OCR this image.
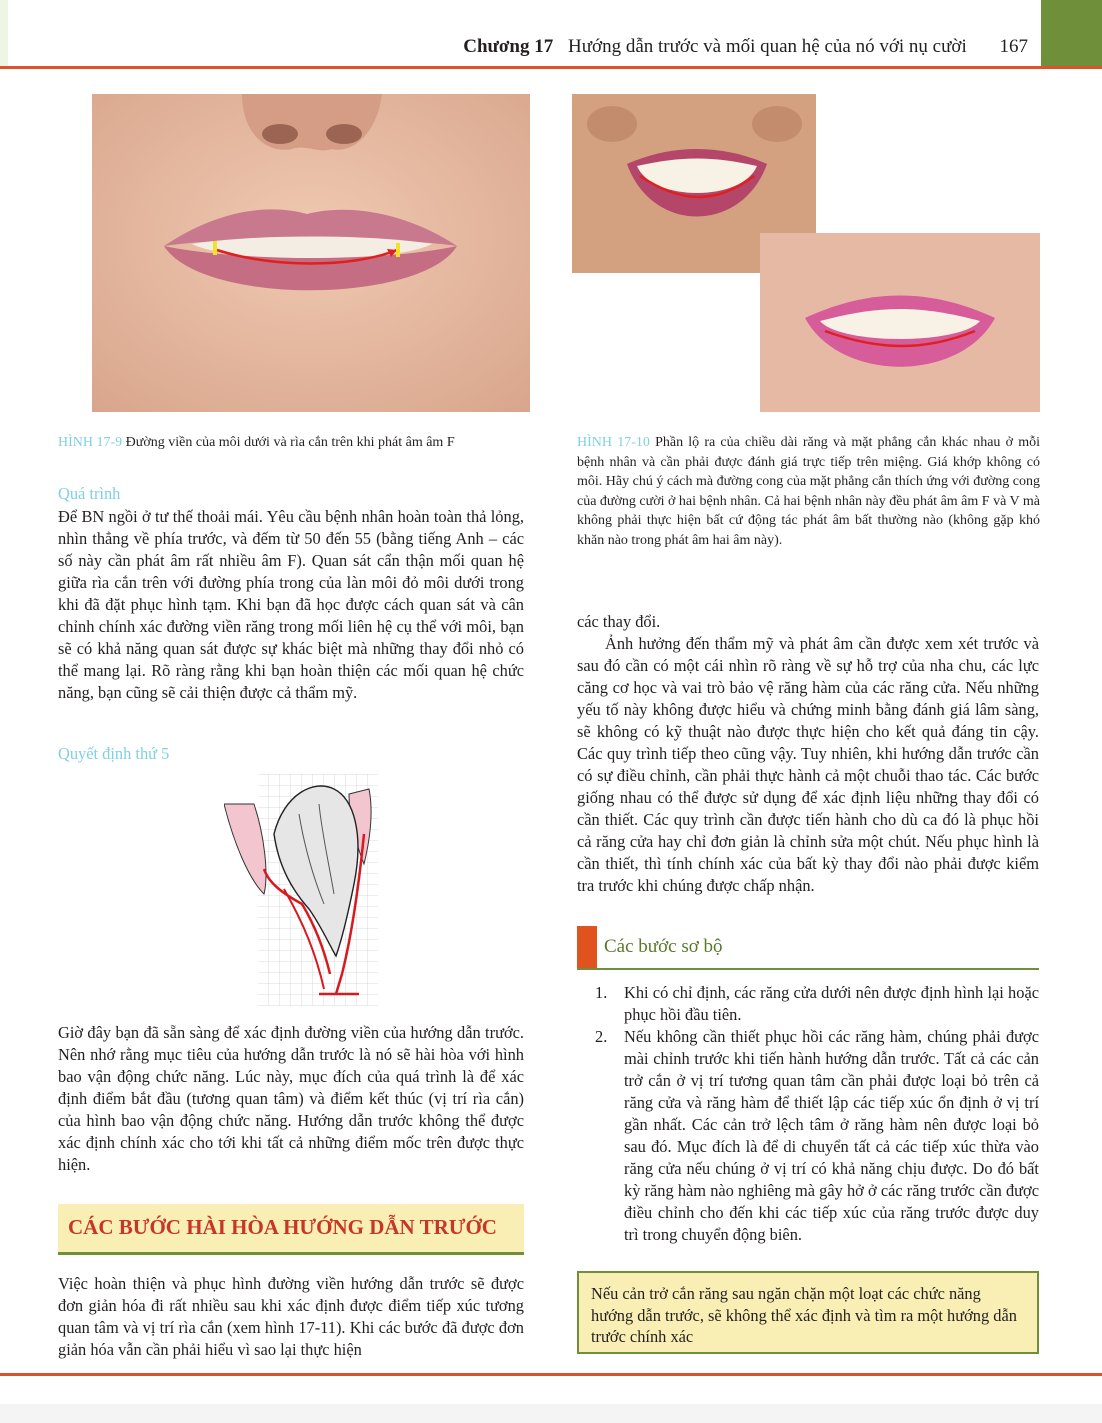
Chương 17 Hướng dẫn trước và mối quan hệ của nó với nụ cười 167
HÌNH 17-9 Đường viền của môi dưới và rìa cắn trên khi phát âm âm F	HÌNH 17-10 Phần lộ ra của chiều dài răng và mặt phẳng cắn khác nhau ở mỗi bệnh nhân và cần phải được đánh giá trực tiếp trên miệng. Giá khớp không có môi. Hãy chú ý cách mà đường cong của mặt phẳng cắn thích ứng với đường cong của đường cười ở hai bệnh nhân. Cả hai bệnh nhân này đều phát âm âm F và V mà không phải thực hiện bất cứ động tác phát âm bất thường nào (không gặp khó khăn nào trong phát âm hai âm này).
Quá trình

Để BN ngồi ở tư thế thoải mái. Yêu cầu bệnh nhân hoàn toàn thả lỏng, nhìn thẳng về phía trước, và đếm từ 50 đến 55 (bằng tiếng Anh – các số này cần phát âm rất nhiều âm F). Quan sát cẩn thận mối quan hệ giữa rìa cắn trên với đường phía trong của làn môi đỏ môi dưới trong khi đã đặt phục hình tạm. Khi bạn đã học được cách quan sát và cân chỉnh chính xác đường viền răng trong mối liên hệ cụ thể với môi, bạn sẽ có khả năng quan sát được sự khác biệt mà những thay đổi nhỏ có thể mang lại. Rõ ràng rằng khi bạn hoàn thiện các mối quan hệ chức năng, bạn cũng sẽ cải thiện được cả thẩm mỹ.

Quyết định thứ 5

Giờ đây bạn đã sẵn sàng để xác định đường viền của hướng dẫn trước. Nên nhớ rằng mục tiêu của hướng dẫn trước là nó sẽ hài hòa với hình bao vận động chức năng. Lúc này, mục đích của quá trình là để xác định điểm bắt đầu (tương quan tâm) và điểm kết thúc (vị trí rìa cắn) của hình bao vận động chức năng. Hướng dẫn trước không thể được xác định chính xác cho tới khi tất cả những điểm mốc trên được thực hiện.

CÁC BƯỚC HÀI HÒA HƯỚNG DẪN TRƯỚC

Việc hoàn thiện và phục hình đường viền hướng dẫn trước sẽ được đơn giản hóa đi rất nhiều sau khi xác định được điểm tiếp xúc tương quan tâm và vị trí rìa cắn (xem hình 17-11). Khi các bước đã được đơn giản hóa vẫn cần phải hiểu vì sao lại thực hiện

các thay đổi.

Ảnh hưởng đến thẩm mỹ và phát âm cần được xem xét trước và sau đó cần có một cái nhìn rõ ràng về sự hỗ trợ của nha chu, các lực căng cơ học và vai trò bảo vệ răng hàm của các răng cửa. Nếu những yếu tố này không được hiểu và chứng minh bằng đánh giá lâm sàng, sẽ không có kỹ thuật nào được thực hiện cho kết quả đáng tin cậy. Các quy trình tiếp theo cũng vậy. Tuy nhiên, khi hướng dẫn trước cần có sự điều chỉnh, cần phải thực hành cả một chuỗi thao tác. Các bước giống nhau có thể được sử dụng để xác định liệu những thay đổi có cần thiết. Các quy trình cần được tiến hành cho dù ca đó là phục hồi cả răng cửa hay chỉ đơn giản là chỉnh sửa một chút. Nếu phục hình là cần thiết, thì tính chính xác của bất kỳ thay đổi nào phải được kiểm tra trước khi chúng được chấp nhận.

Các bước sơ bộ
1. Khi có chỉ định, các răng cửa dưới nên được định hình lại hoặc phục hồi đầu tiên.
2. Nếu không cần thiết phục hồi các răng hàm, chúng phải được mài chỉnh trước khi tiến hành hướng dẫn trước. Tất cả các cản trở cắn ở vị trí tương quan tâm cần phải được loại bỏ trên cả răng cửa và răng hàm để thiết lập các tiếp xúc ổn định ở vị trí gần nhất. Các cản trở lệch tâm ở răng hàm nên được loại bỏ sau đó. Mục đích là để di chuyển tất cả các tiếp xúc thừa vào răng cửa nếu chúng ở vị trí có khả năng chịu được. Do đó bất kỳ răng hàm nào nghiêng mà gây hở ở các răng trước cần được điều chỉnh cho đến khi các tiếp xúc của răng trước được duy trì trong chuyển động biên.

Nếu cản trở cắn răng sau ngăn chặn một loạt các chức năng hướng dẫn trước, sẽ không thể xác định và tìm ra một hướng dẫn trước chính xác
